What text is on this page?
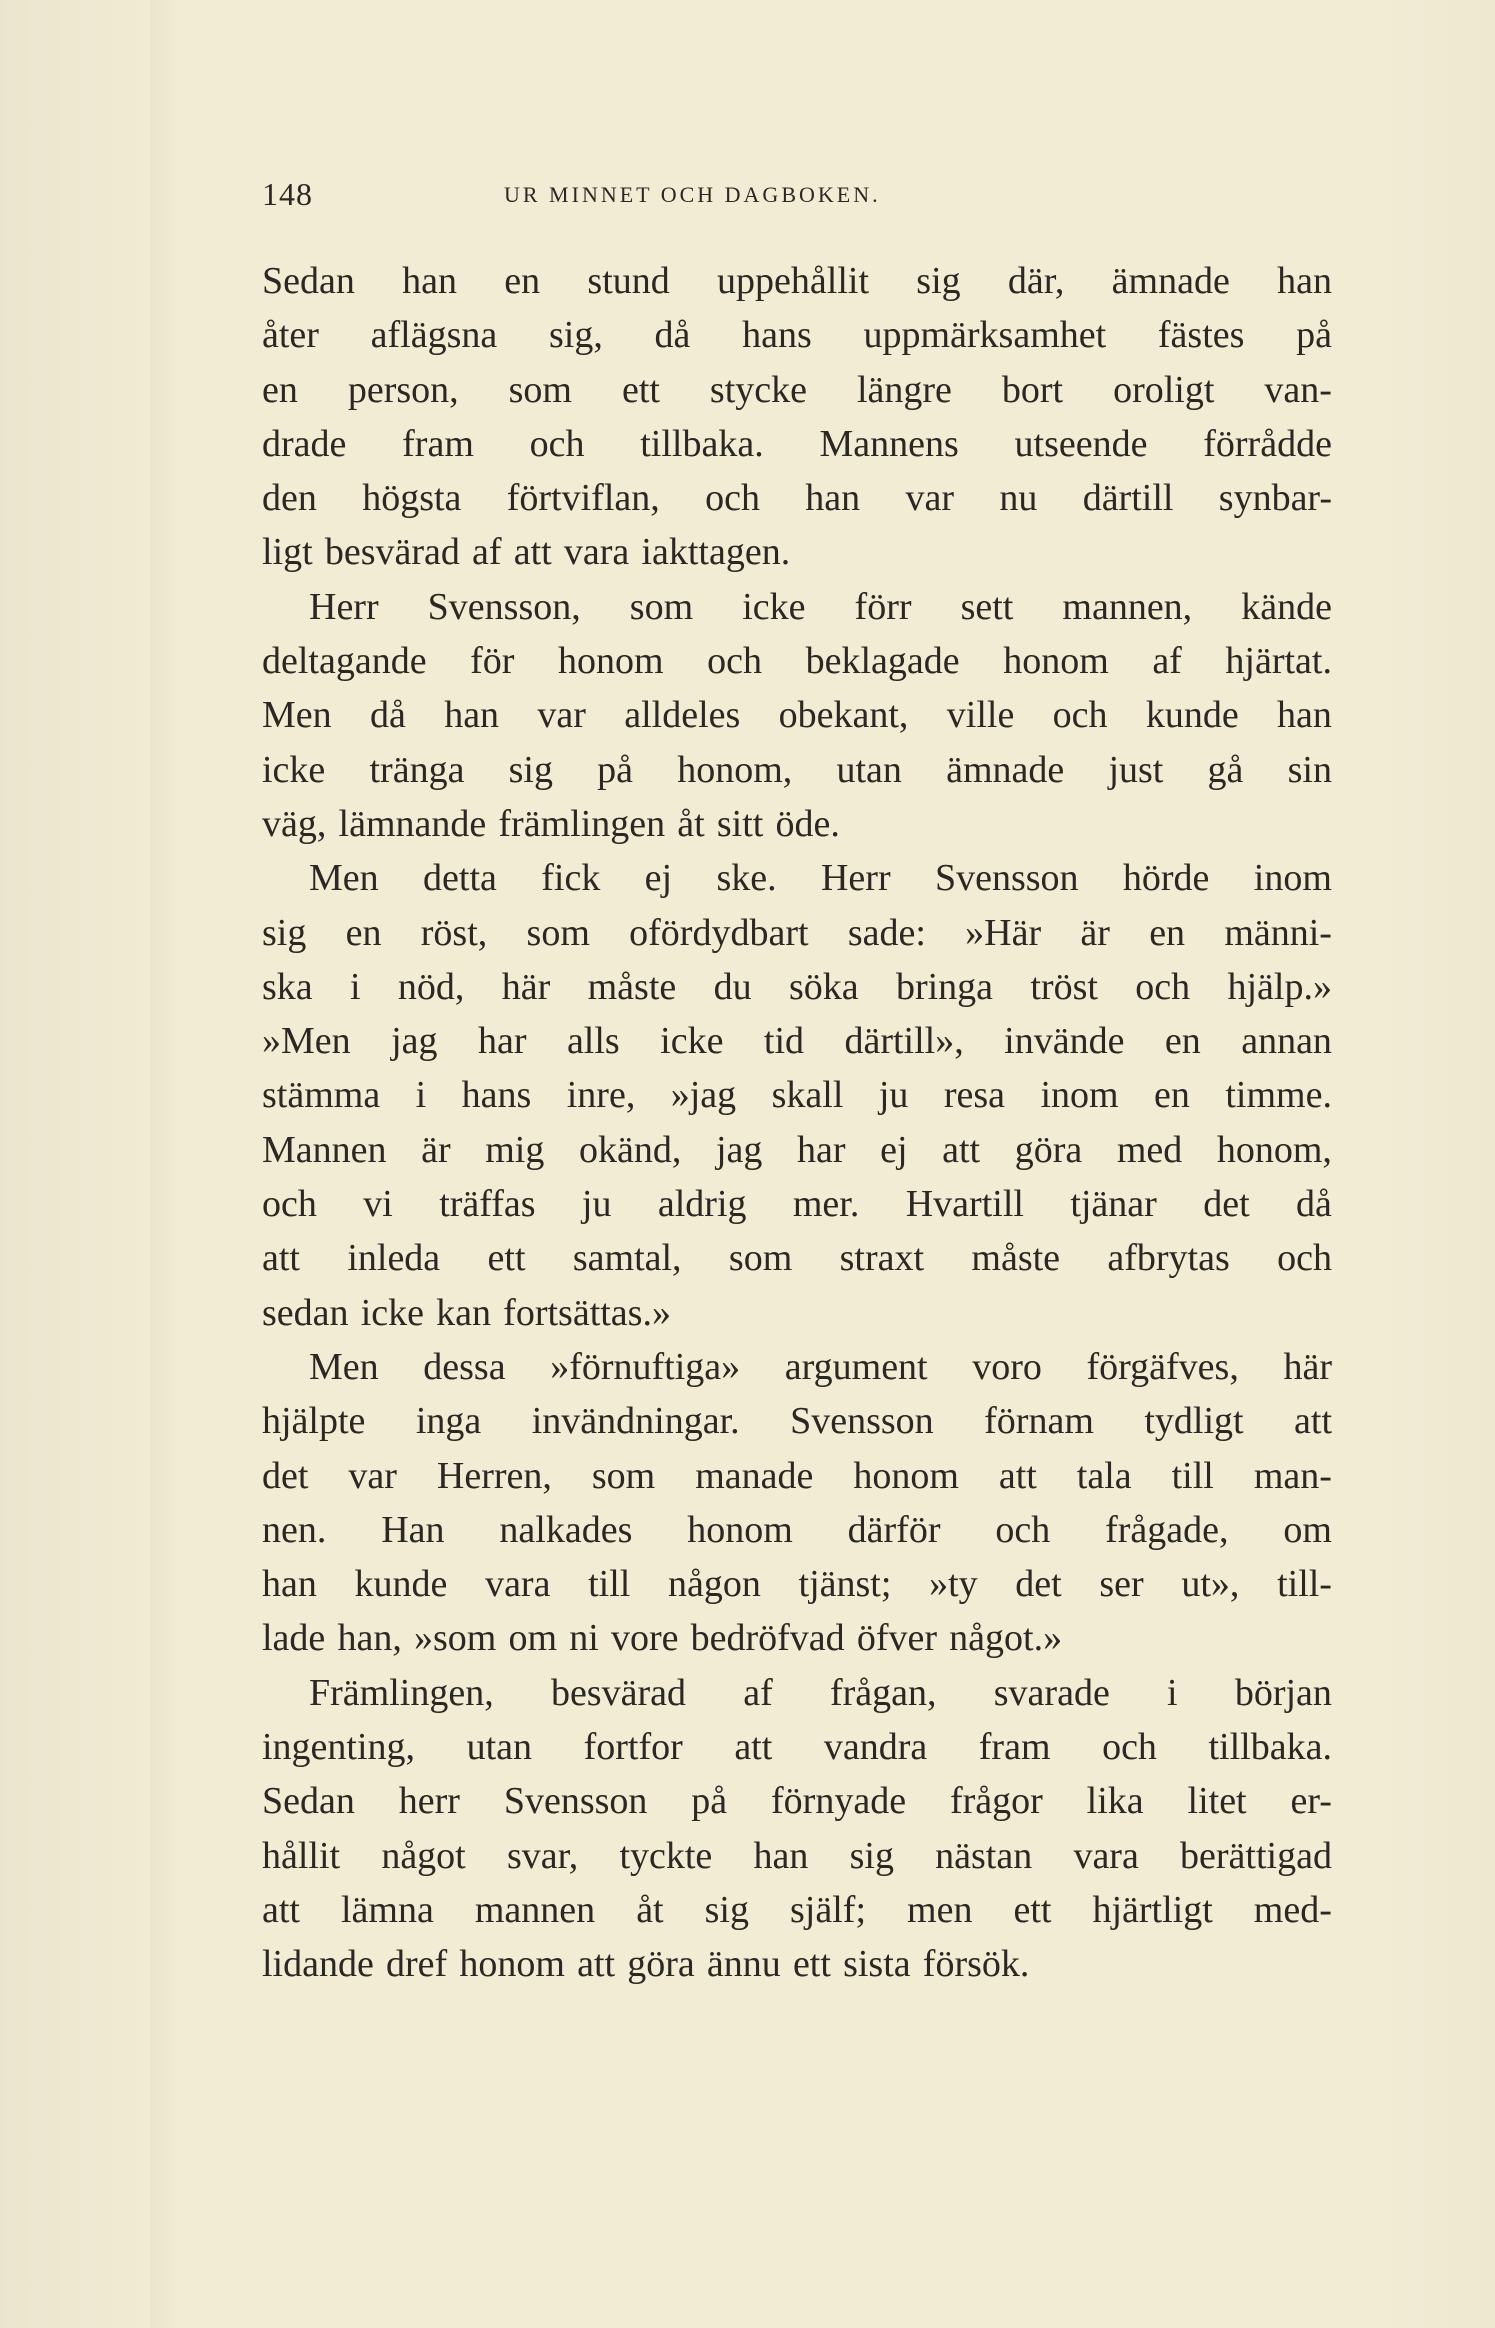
148	UR MINNET OCH DAGBOKEN.
Sedan han en stund uppehållit sig där, ämnade han
åter aflägsna sig, då hans uppmärksamhet fästes på
en person, som ett stycke längre bort oroligt van-
drade fram och tillbaka. Mannens utseende förrådde
den högsta förtviflan, och han var nu därtill synbar-
ligt besvärad af att vara iakttagen.
Herr Svensson, som icke förr sett mannen, kände
deltagande för honom och beklagade honom af hjärtat.
Men då han var alldeles obekant, ville och kunde han
icke tränga sig på honom, utan ämnade just gå sin
väg, lämnande främlingen åt sitt öde.
Men detta fick ej ske. Herr Svensson hörde inom
sig en röst, som ofördydbart sade: »Här är en männi-
ska i nöd, här måste du söka bringa tröst och hjälp.»
»Men jag har alls icke tid därtill», invände en annan
stämma i hans inre, »jag skall ju resa inom en timme.
Mannen är mig okänd, jag har ej att göra med honom,
och vi träffas ju aldrig mer. Hvartill tjänar det då
att inleda ett samtal, som straxt måste afbrytas och
sedan icke kan fortsättas.»
Men dessa »förnuftiga» argument voro förgäfves, här
hjälpte inga invändningar. Svensson förnam tydligt att
det var Herren, som manade honom att tala till man-
nen. Han nalkades honom därför och frågade, om
han kunde vara till någon tjänst; »ty det ser ut», till-
lade han, »som om ni vore bedröfvad öfver något.»
Främlingen, besvärad af frågan, svarade i början
ingenting, utan fortfor att vandra fram och tillbaka.
Sedan herr Svensson på förnyade frågor lika litet er-
hållit något svar, tyckte han sig nästan vara berättigad
att lämna mannen åt sig själf; men ett hjärtligt med-
lidande dref honom att göra ännu ett sista försök.
